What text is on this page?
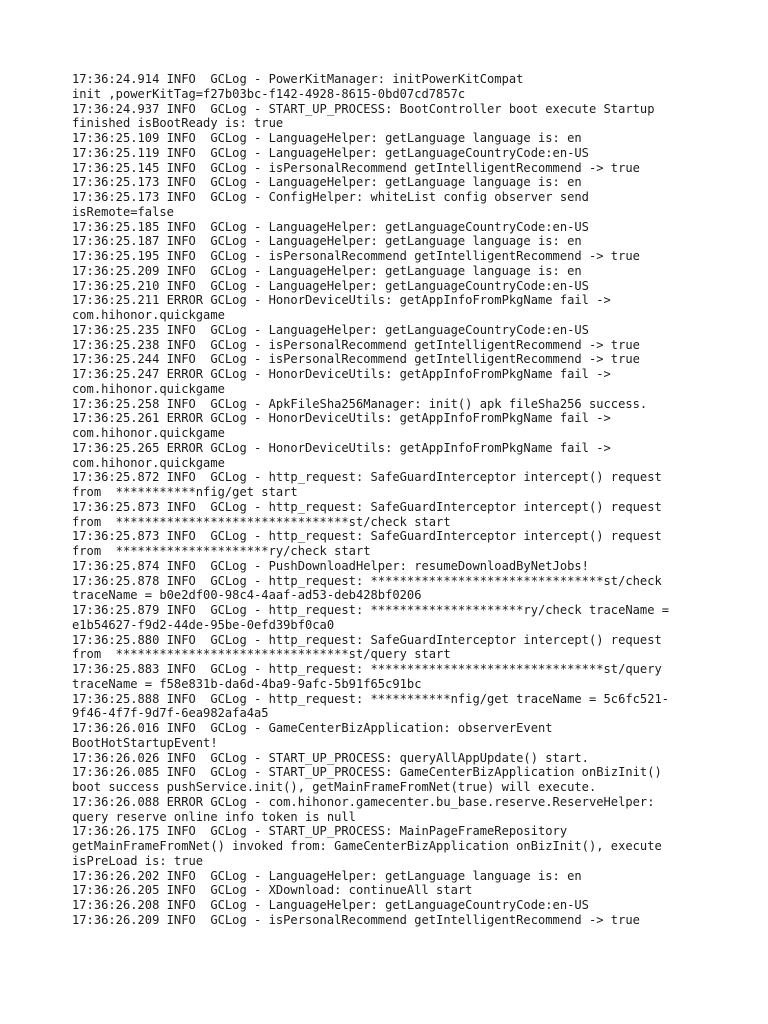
17:36:24.914 INFO  GCLog - PowerKitManager: initPowerKitCompat
init ,powerKitTag=f27b03bc-f142-4928-8615-0bd07cd7857c
17:36:24.937 INFO  GCLog - START_UP_PROCESS: BootController boot execute Startup
finished isBootReady is: true
17:36:25.109 INFO  GCLog - LanguageHelper: getLanguage language is: en
17:36:25.119 INFO  GCLog - LanguageHelper: getLanguageCountryCode:en-US
17:36:25.145 INFO  GCLog - isPersonalRecommend getIntelligentRecommend -> true
17:36:25.173 INFO  GCLog - LanguageHelper: getLanguage language is: en
17:36:25.173 INFO  GCLog - ConfigHelper: whiteList config observer send
isRemote=false
17:36:25.185 INFO  GCLog - LanguageHelper: getLanguageCountryCode:en-US
17:36:25.187 INFO  GCLog - LanguageHelper: getLanguage language is: en
17:36:25.195 INFO  GCLog - isPersonalRecommend getIntelligentRecommend -> true
17:36:25.209 INFO  GCLog - LanguageHelper: getLanguage language is: en
17:36:25.210 INFO  GCLog - LanguageHelper: getLanguageCountryCode:en-US
17:36:25.211 ERROR GCLog - HonorDeviceUtils: getAppInfoFromPkgName fail ->
com.hihonor.quickgame
17:36:25.235 INFO  GCLog - LanguageHelper: getLanguageCountryCode:en-US
17:36:25.238 INFO  GCLog - isPersonalRecommend getIntelligentRecommend -> true
17:36:25.244 INFO  GCLog - isPersonalRecommend getIntelligentRecommend -> true
17:36:25.247 ERROR GCLog - HonorDeviceUtils: getAppInfoFromPkgName fail ->
com.hihonor.quickgame
17:36:25.258 INFO  GCLog - ApkFileSha256Manager: init() apk fileSha256 success.
17:36:25.261 ERROR GCLog - HonorDeviceUtils: getAppInfoFromPkgName fail ->
com.hihonor.quickgame
17:36:25.265 ERROR GCLog - HonorDeviceUtils: getAppInfoFromPkgName fail ->
com.hihonor.quickgame
17:36:25.872 INFO  GCLog - http_request: SafeGuardInterceptor intercept() request
from  ***********nfig/get start
17:36:25.873 INFO  GCLog - http_request: SafeGuardInterceptor intercept() request
from  ********************************st/check start
17:36:25.873 INFO  GCLog - http_request: SafeGuardInterceptor intercept() request
from  *********************ry/check start
17:36:25.874 INFO  GCLog - PushDownloadHelper: resumeDownloadByNetJobs!
17:36:25.878 INFO  GCLog - http_request: ********************************st/check
traceName = b0e2df00-98c4-4aaf-ad53-deb428bf0206
17:36:25.879 INFO  GCLog - http_request: *********************ry/check traceName =
e1b54627-f9d2-44de-95be-0efd39bf0ca0
17:36:25.880 INFO  GCLog - http_request: SafeGuardInterceptor intercept() request
from  ********************************st/query start
17:36:25.883 INFO  GCLog - http_request: ********************************st/query
traceName = f58e831b-da6d-4ba9-9afc-5b91f65c91bc
17:36:25.888 INFO  GCLog - http_request: ***********nfig/get traceName = 5c6fc521-
9f46-4f7f-9d7f-6ea982afa4a5
17:36:26.016 INFO  GCLog - GameCenterBizApplication: observerEvent
BootHotStartupEvent!
17:36:26.026 INFO  GCLog - START_UP_PROCESS: queryAllAppUpdate() start.
17:36:26.085 INFO  GCLog - START_UP_PROCESS: GameCenterBizApplication onBizInit()
boot success pushService.init(), getMainFrameFromNet(true) will execute.
17:36:26.088 ERROR GCLog - com.hihonor.gamecenter.bu_base.reserve.ReserveHelper:
query reserve online info token is null
17:36:26.175 INFO  GCLog - START_UP_PROCESS: MainPageFrameRepository
getMainFrameFromNet() invoked from: GameCenterBizApplication onBizInit(), execute
isPreLoad is: true
17:36:26.202 INFO  GCLog - LanguageHelper: getLanguage language is: en
17:36:26.205 INFO  GCLog - XDownload: continueAll start
17:36:26.208 INFO  GCLog - LanguageHelper: getLanguageCountryCode:en-US
17:36:26.209 INFO  GCLog - isPersonalRecommend getIntelligentRecommend -> true
